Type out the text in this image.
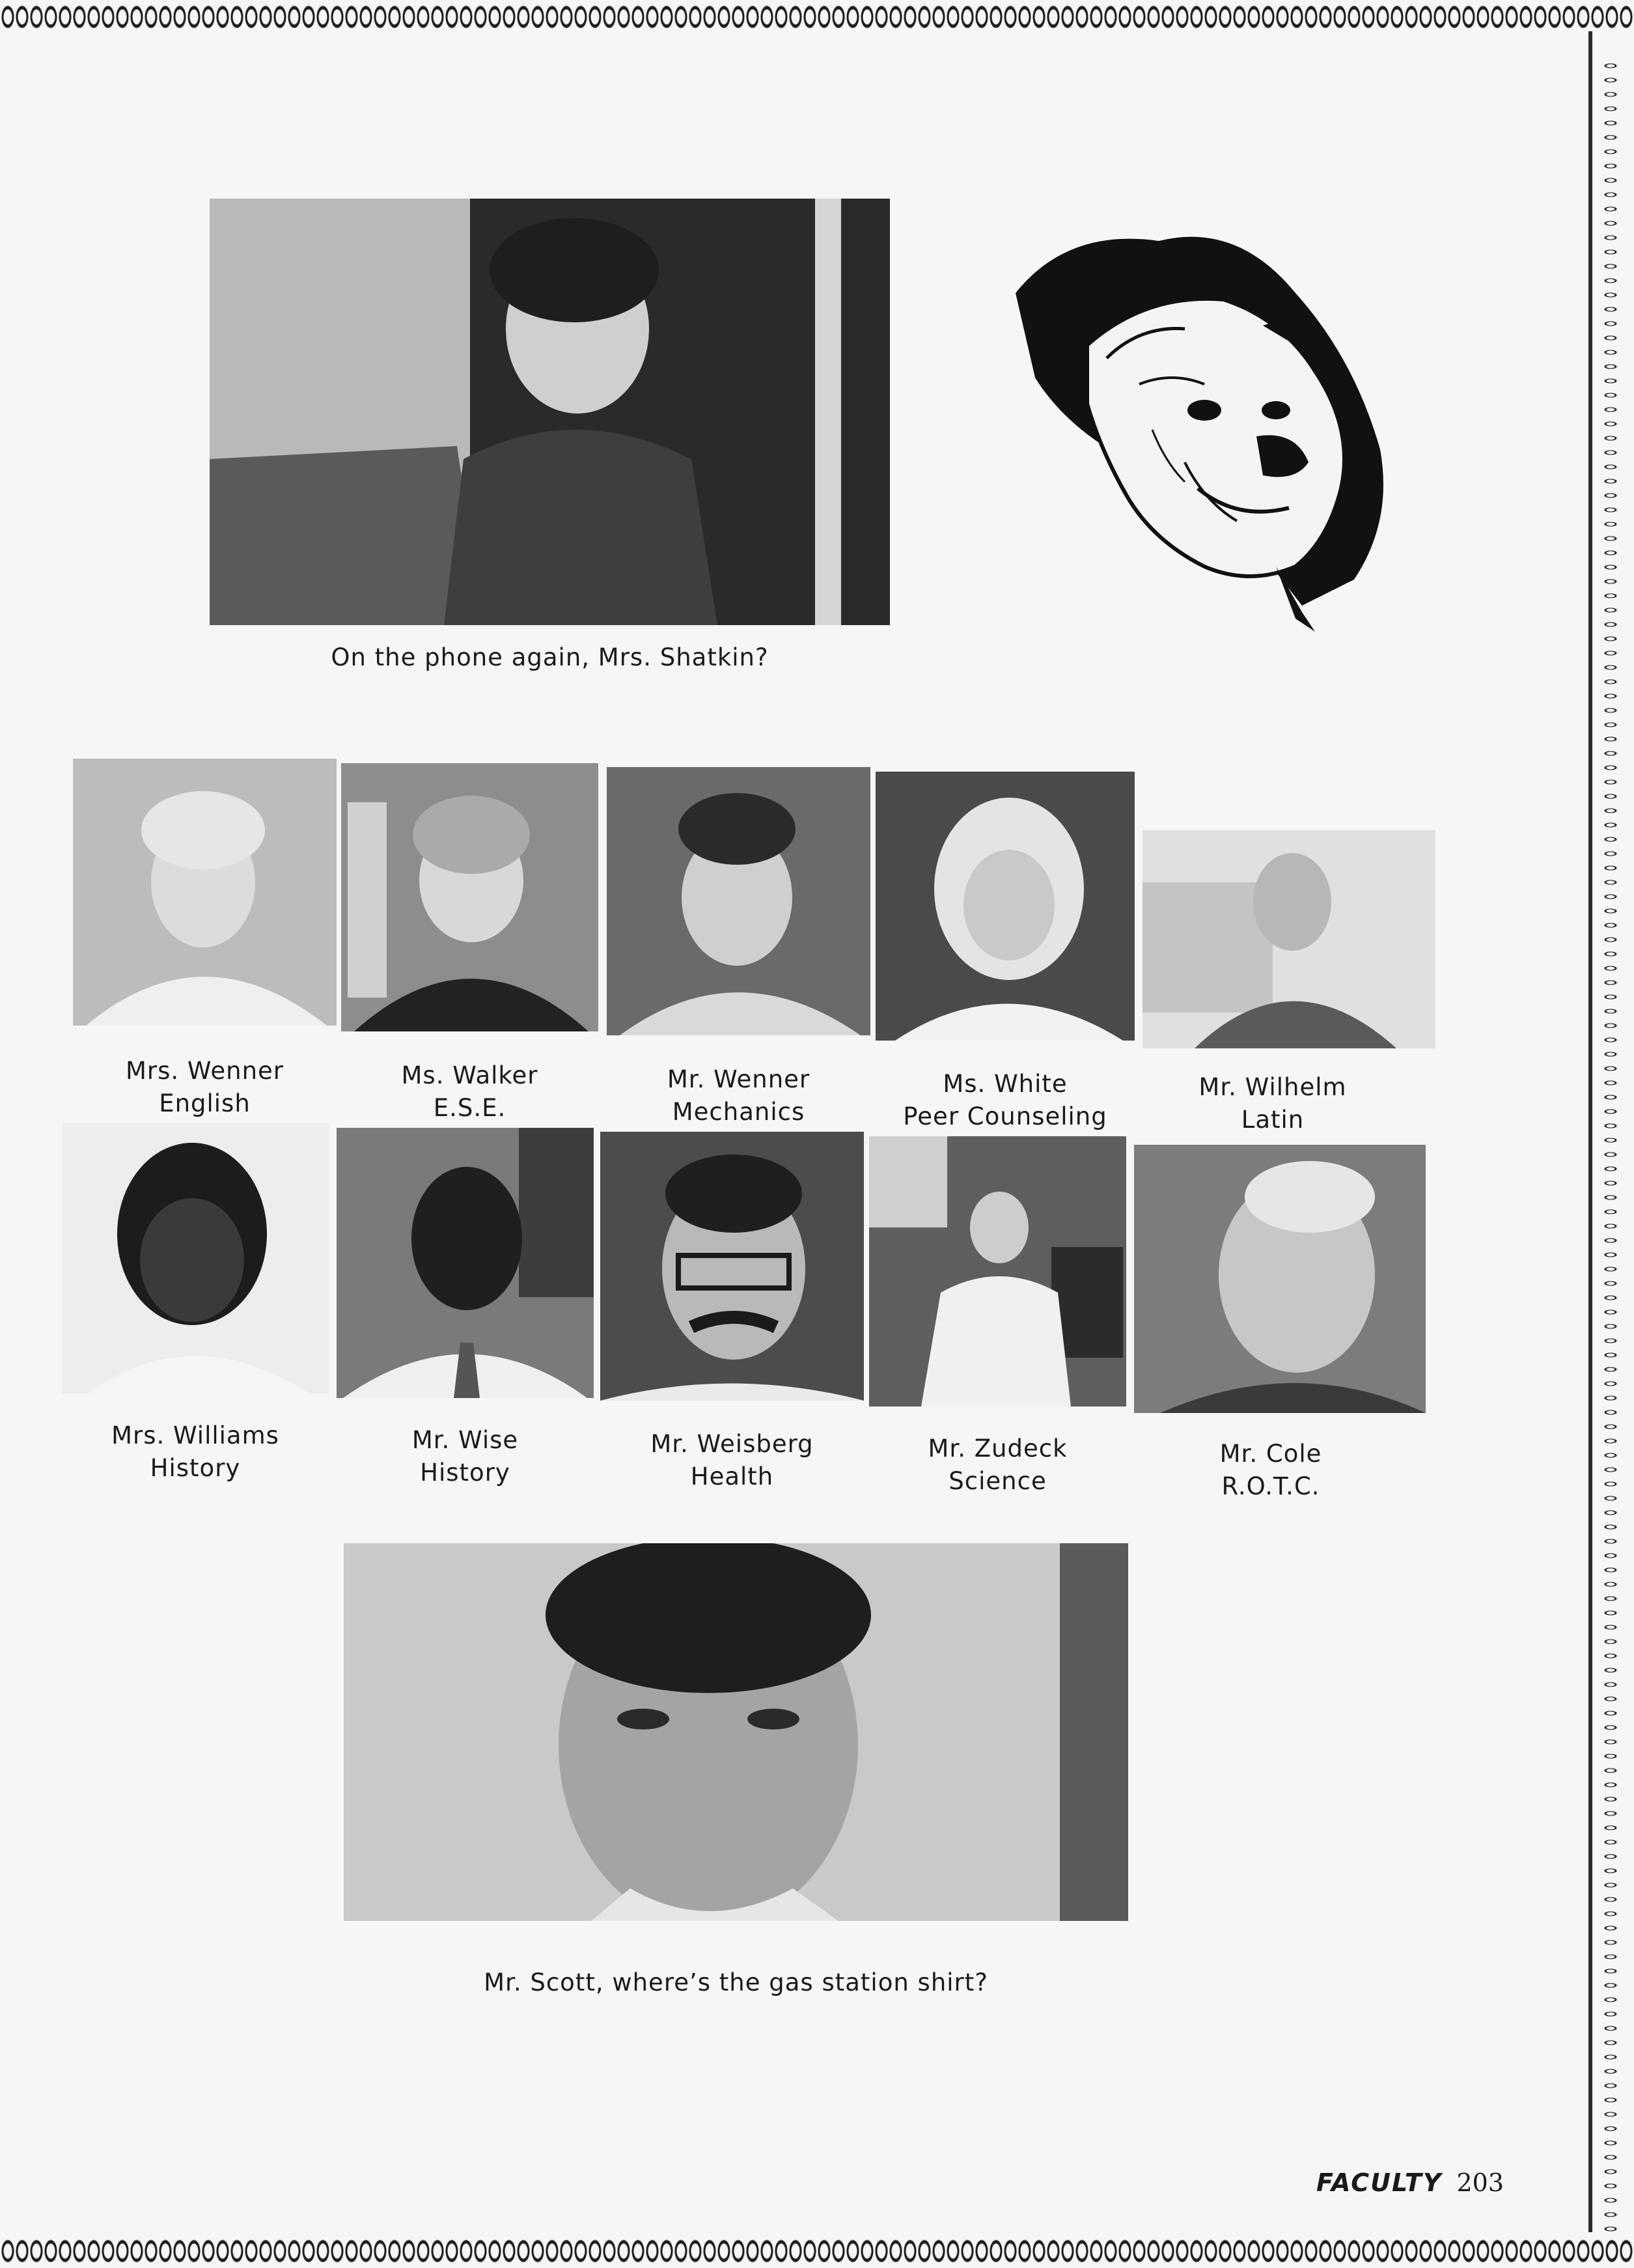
On the phone again, Mrs. Shatkin?
Mrs. Wenner
English
Ms. Walker
E.S.E.
Mr. Wenner
Mechanics
Ms. White
Peer Counseling
Mr. Wilhelm
Latin
Mrs. Williams
History
Mr. Wise
History
Mr. Weisberg
Health
Mr. Zudeck
Science
Mr. Cole
R.O.T.C.
Mr. Scott, where’s the gas station shirt?
FACULTY 203
